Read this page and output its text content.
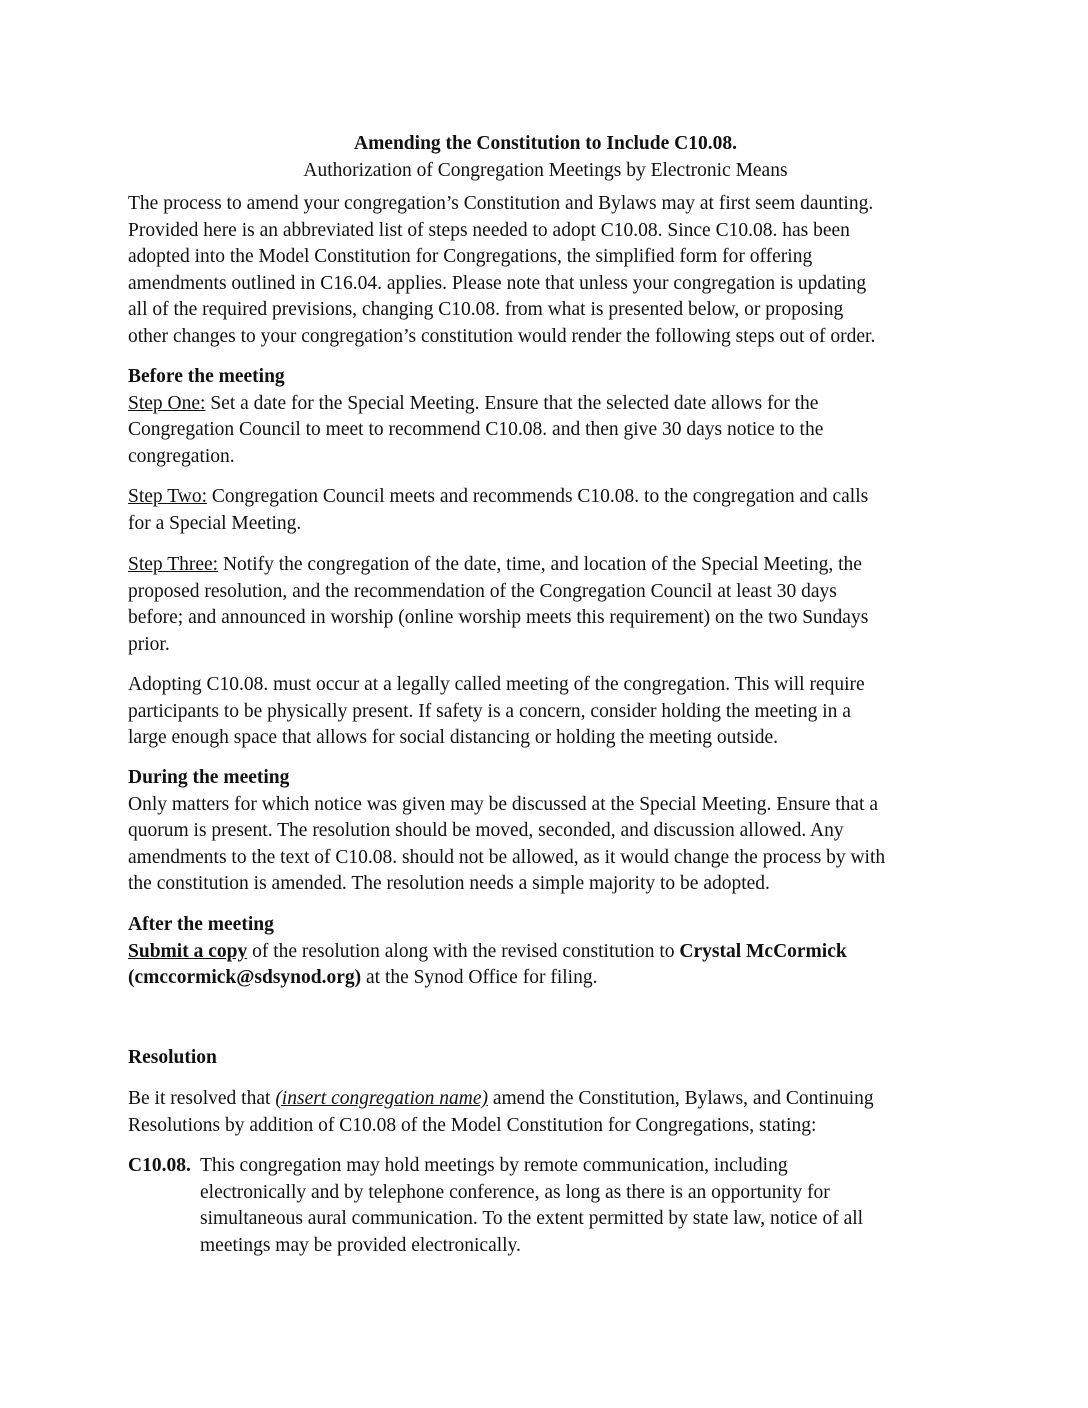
Amending the Constitution to Include C10.08.
Authorization of Congregation Meetings by Electronic Means
The process to amend your congregation’s Constitution and Bylaws may at first seem daunting.
Provided here is an abbreviated list of steps needed to adopt C10.08. Since C10.08. has been
adopted into the Model Constitution for Congregations, the simplified form for offering
amendments outlined in C16.04. applies. Please note that unless your congregation is updating
all of the required previsions, changing C10.08. from what is presented below, or proposing
other changes to your congregation’s constitution would render the following steps out of order.
Before the meeting
Step One: Set a date for the Special Meeting. Ensure that the selected date allows for the
Congregation Council to meet to recommend C10.08. and then give 30 days notice to the
congregation.
Step Two: Congregation Council meets and recommends C10.08. to the congregation and calls
for a Special Meeting.
Step Three: Notify the congregation of the date, time, and location of the Special Meeting, the
proposed resolution, and the recommendation of the Congregation Council at least 30 days
before; and announced in worship (online worship meets this requirement) on the two Sundays
prior.
Adopting C10.08. must occur at a legally called meeting of the congregation. This will require
participants to be physically present. If safety is a concern, consider holding the meeting in a
large enough space that allows for social distancing or holding the meeting outside.
During the meeting
Only matters for which notice was given may be discussed at the Special Meeting. Ensure that a
quorum is present. The resolution should be moved, seconded, and discussion allowed. Any
amendments to the text of C10.08. should not be allowed, as it would change the process by with
the constitution is amended. The resolution needs a simple majority to be adopted.
After the meeting
Submit a copy of the resolution along with the revised constitution to Crystal McCormick
(cmccormick@sdsynod.org) at the Synod Office for filing.
Resolution
Be it resolved that (insert congregation name) amend the Constitution, Bylaws, and Continuing
Resolutions by addition of C10.08 of the Model Constitution for Congregations, stating:
C10.08. This congregation may hold meetings by remote communication, including
electronically and by telephone conference, as long as there is an opportunity for
simultaneous aural communication. To the extent permitted by state law, notice of all
meetings may be provided electronically.
